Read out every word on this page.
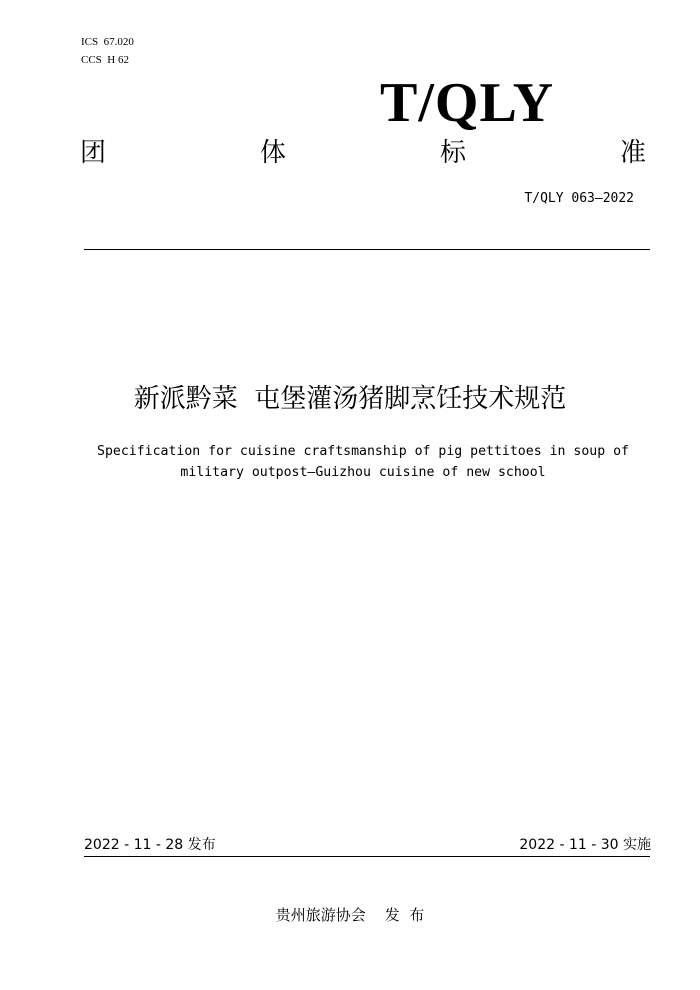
ICS  67.020
CCS  H 62
T/QLY
团	体	标	准
T/QLY 063—2022
新派黔菜  屯堡灌汤猪脚烹饪技术规范
Specification for cuisine craftsmanship of pig pettitoes in soup of military outpost—Guizhou cuisine of new school
2022 - 11 - 28 发布	2022 - 11 - 30 实施
贵州旅游协会    发  布
